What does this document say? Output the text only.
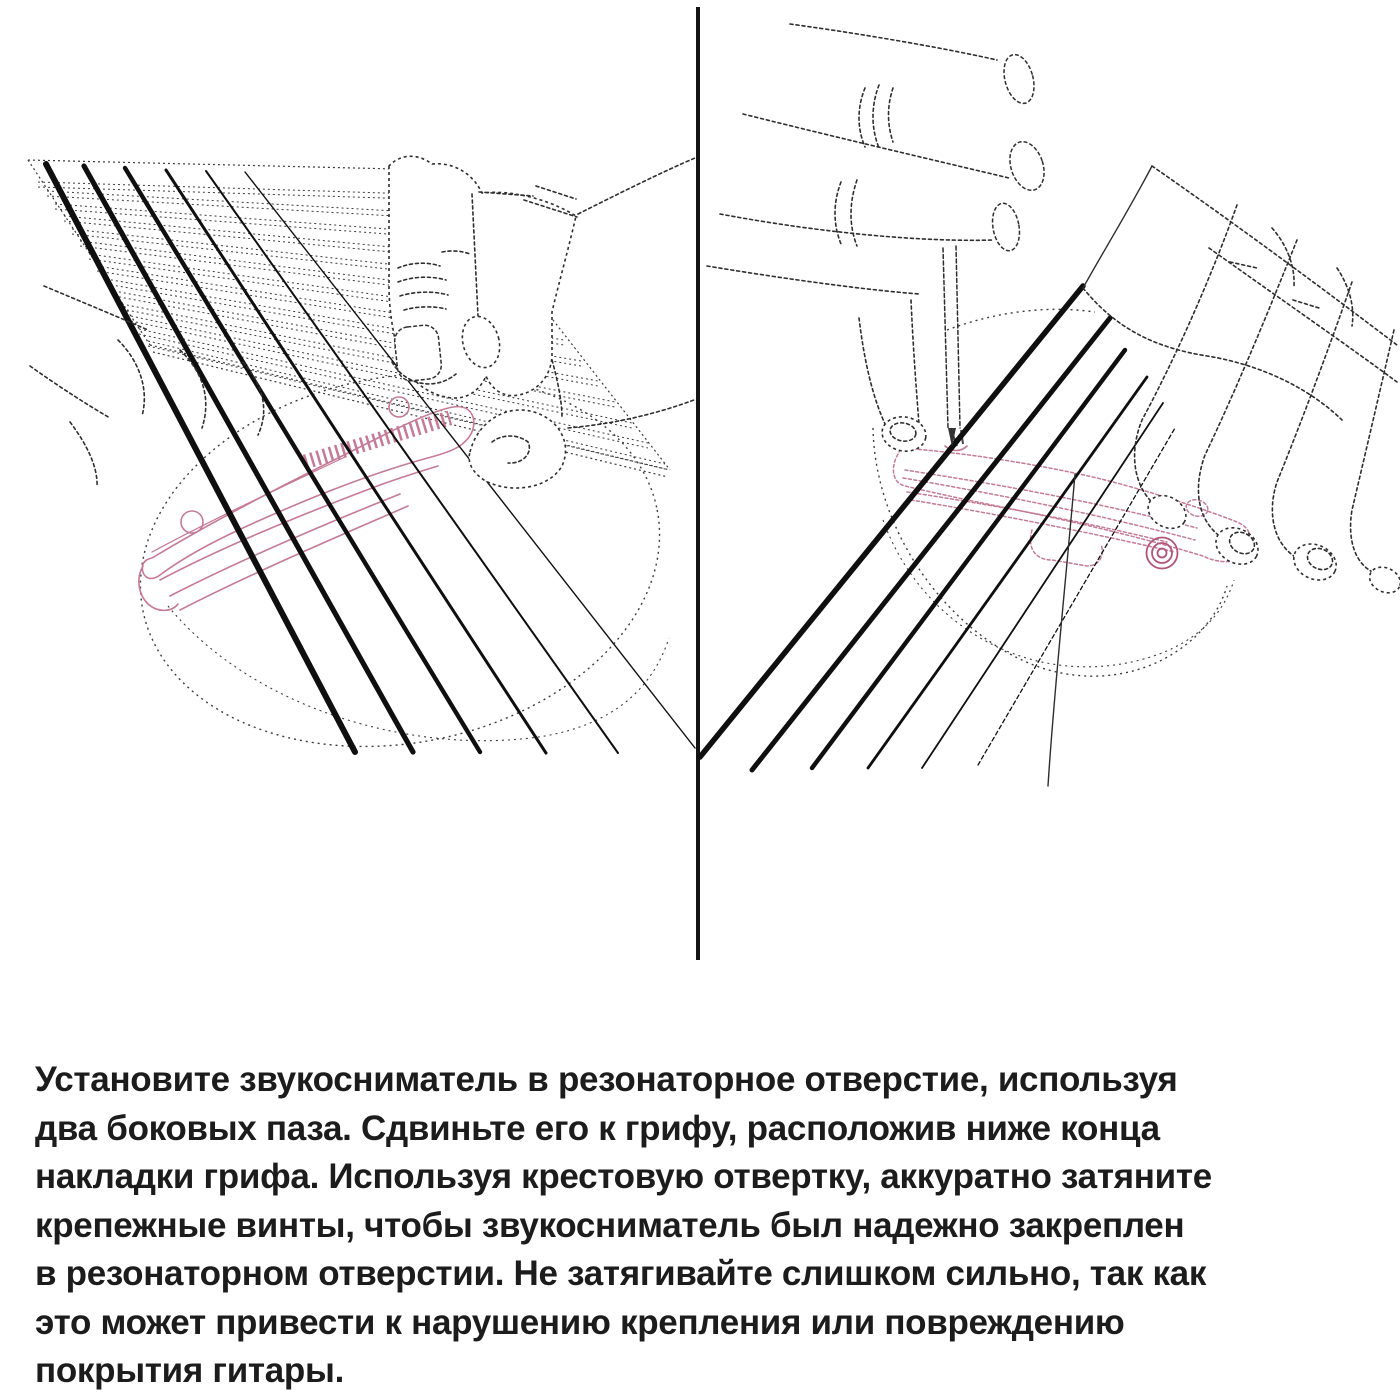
Установите звукосниматель в резонаторное отверстие, используя
два боковых паза. Сдвиньте его к грифу, расположив ниже конца
накладки грифа. Используя крестовую отвертку, аккуратно затяните
крепежные винты, чтобы звукосниматель был надежно закреплен
в резонаторном отверстии. Не затягивайте слишком сильно, так как
это может привести к нарушению крепления или повреждению
покрытия гитары.
